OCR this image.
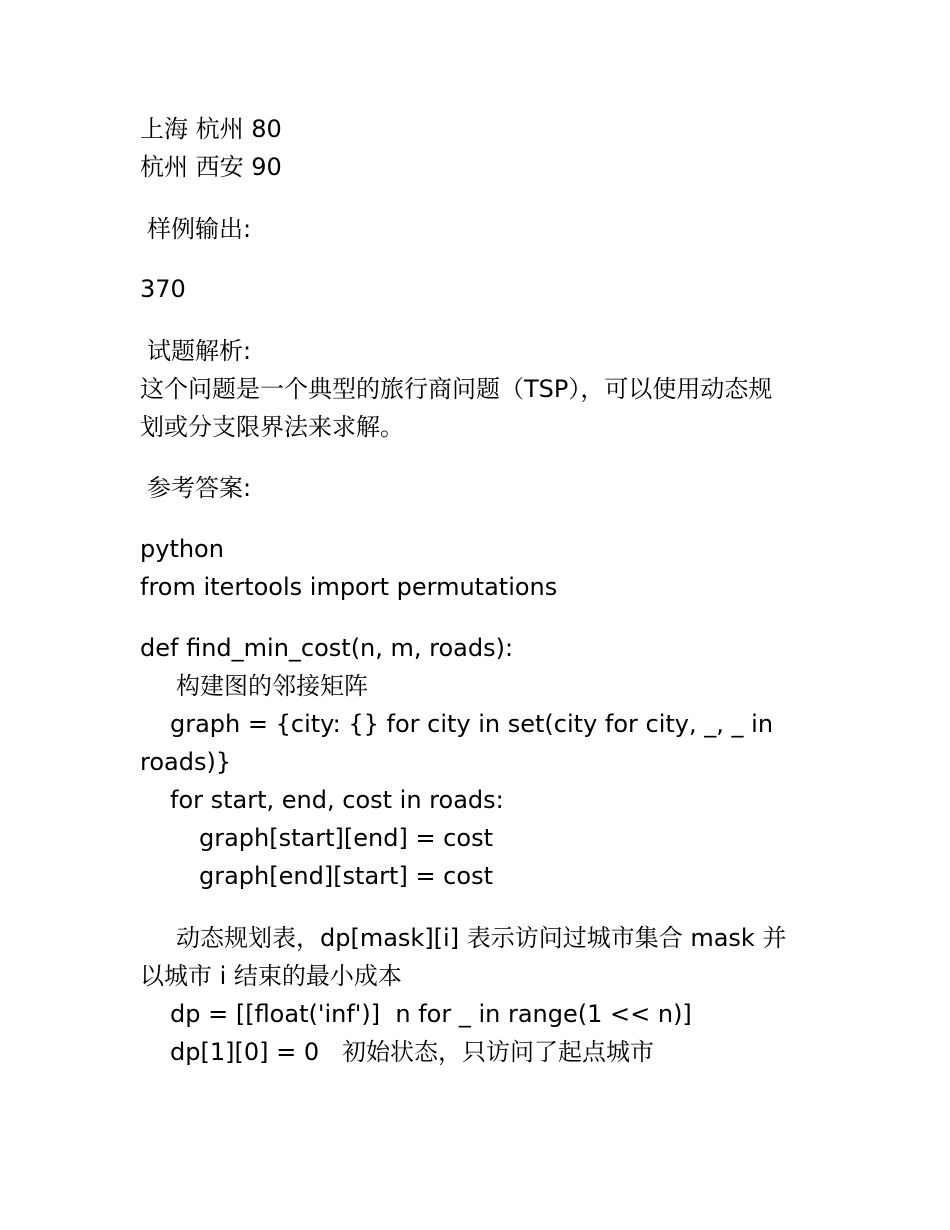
上海 杭州 80
杭州 西安 90
样例输出:
370
试题解析:
这个问题是一个典型的旅行商问题（TSP），可以使用动态规
划或分支限界法来求解。
参考答案:
python
from itertools import permutations
def find_min_cost(n, m, roads):
构建图的邻接矩阵
graph = {city: {} for city in set(city for city, _, _ in
roads)}
for start, end, cost in roads:
graph[start][end] = cost
graph[end][start] = cost
动态规划表，dp[mask][i] 表示访问过城市集合 mask 并
以城市 i 结束的最小成本
dp = [[float('inf')]  n for _ in range(1 << n)]
dp[1][0] = 0   初始状态，只访问了起点城市
